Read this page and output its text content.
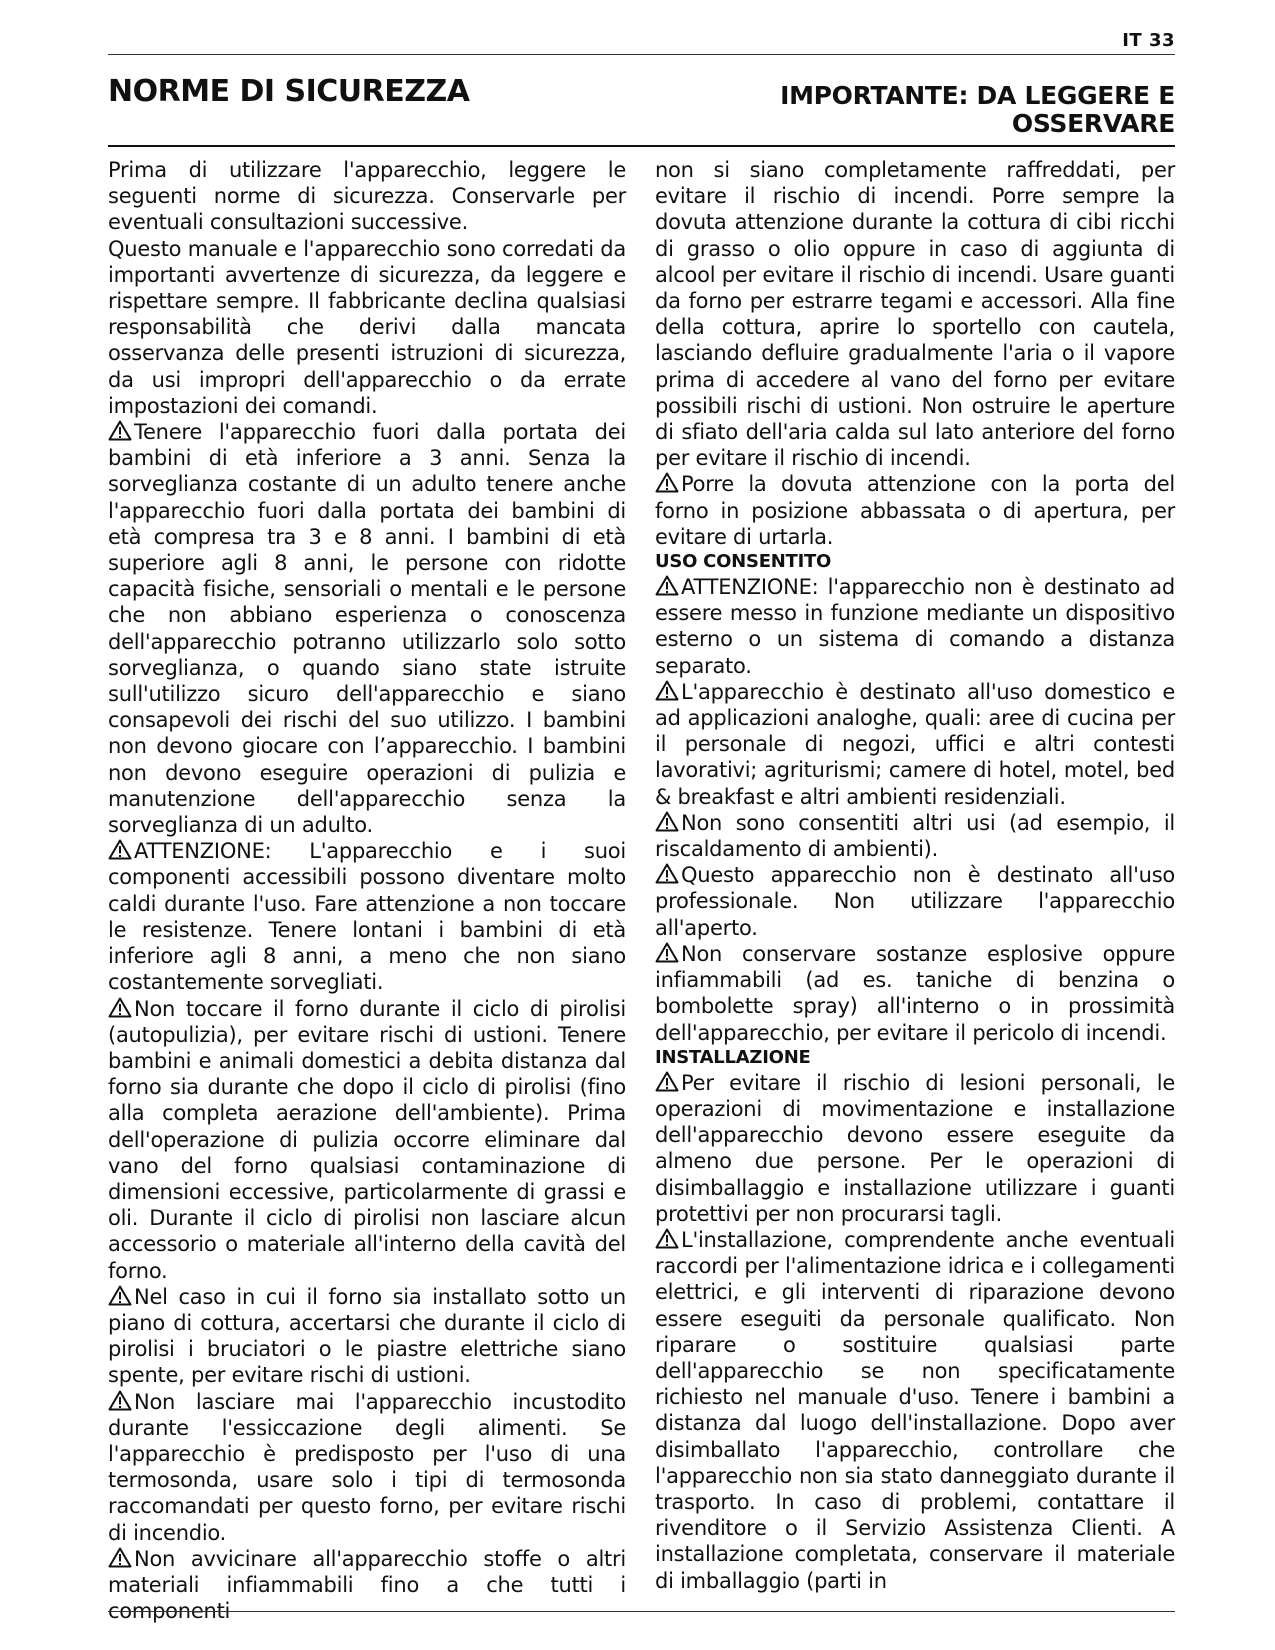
IT 33
NORME DI SICUREZZA	IMPORTANTE: DA LEGGERE E OSSERVARE

Prima di utilizzare l'apparecchio, leggere le seguenti norme di sicurezza. Conservarle per eventuali consultazioni successive.

Questo manuale e l'apparecchio sono corredati da importanti avvertenze di sicurezza, da leggere e rispettare sempre. Il fabbricante declina qualsiasi responsabilità che derivi dalla mancata osservanza delle presenti istruzioni di sicurezza, da usi impropri dell'apparecchio o da errate impostazioni dei comandi.

Tenere l'apparecchio fuori dalla portata dei bambini di età inferiore a 3 anni. Senza la sorveglianza costante di un adulto tenere anche l'apparecchio fuori dalla portata dei bambini di età compresa tra 3 e 8 anni. I bambini di età superiore agli 8 anni, le persone con ridotte capacità fisiche, sensoriali o mentali e le persone che non abbiano esperienza o conoscenza dell'apparecchio potranno utilizzarlo solo sotto sorveglianza, o quando siano state istruite sull'utilizzo sicuro dell'apparecchio e siano consapevoli dei rischi del suo utilizzo. I bambini non devono giocare con l’apparecchio. I bambini non devono eseguire operazioni di pulizia e manutenzione dell'apparecchio senza la sorveglianza di un adulto.

ATTENZIONE: L'apparecchio e i suoi componenti accessibili possono diventare molto caldi durante l'uso. Fare attenzione a non toccare le resistenze. Tenere lontani i bambini di età inferiore agli 8 anni, a meno che non siano costantemente sorvegliati.

Non toccare il forno durante il ciclo di pirolisi (autopulizia), per evitare rischi di ustioni. Tenere bambini e animali domestici a debita distanza dal forno sia durante che dopo il ciclo di pirolisi (fino alla completa aerazione dell'ambiente). Prima dell'operazione di pulizia occorre eliminare dal vano del forno qualsiasi contaminazione di dimensioni eccessive, particolarmente di grassi e oli. Durante il ciclo di pirolisi non lasciare alcun accessorio o materiale all'interno della cavità del forno.

Nel caso in cui il forno sia installato sotto un piano di cottura, accertarsi che durante il ciclo di pirolisi i bruciatori o le piastre elettriche siano spente, per evitare rischi di ustioni.

Non lasciare mai l'apparecchio incustodito durante l'essiccazione degli alimenti. Se l'apparecchio è predisposto per l'uso di una termosonda, usare solo i tipi di termosonda raccomandati per questo forno, per evitare rischi di incendio.

Non avvicinare all'apparecchio stoffe o altri materiali infiammabili fino a che tutti i componenti

non si siano completamente raffreddati, per evitare il rischio di incendi. Porre sempre la dovuta attenzione durante la cottura di cibi ricchi di grasso o olio oppure in caso di aggiunta di alcool per evitare il rischio di incendi. Usare guanti da forno per estrarre tegami e accessori. Alla fine della cottura, aprire lo sportello con cautela, lasciando defluire gradualmente l'aria o il vapore prima di accedere al vano del forno per evitare possibili rischi di ustioni. Non ostruire le aperture di sfiato dell'aria calda sul lato anteriore del forno per evitare il rischio di incendi.

Porre la dovuta attenzione con la porta del forno in posizione abbassata o di apertura, per evitare di urtarla.

USO CONSENTITO

ATTENZIONE: l'apparecchio non è destinato ad essere messo in funzione mediante un dispositivo esterno o un sistema di comando a distanza separato.

L'apparecchio è destinato all'uso domestico e ad applicazioni analoghe, quali: aree di cucina per il personale di negozi, uffici e altri contesti lavorativi; agriturismi; camere di hotel, motel, bed & breakfast e altri ambienti residenziali.

Non sono consentiti altri usi (ad esempio, il riscaldamento di ambienti).

Questo apparecchio non è destinato all'uso professionale. Non utilizzare l'apparecchio all'aperto.

Non conservare sostanze esplosive oppure infiammabili (ad es. taniche di benzina o bombolette spray) all'interno o in prossimità dell'apparecchio, per evitare il pericolo di incendi.

INSTALLAZIONE

Per evitare il rischio di lesioni personali, le operazioni di movimentazione e installazione dell'apparecchio devono essere eseguite da almeno due persone. Per le operazioni di disimballaggio e installazione utilizzare i guanti protettivi per non procurarsi tagli.

L'installazione, comprendente anche eventuali raccordi per l'alimentazione idrica e i collegamenti elettrici, e gli interventi di riparazione devono essere eseguiti da personale qualificato. Non riparare o sostituire qualsiasi parte dell'apparecchio se non specificatamente richiesto nel manuale d'uso. Tenere i bambini a distanza dal luogo dell'installazione. Dopo aver disimballato l'apparecchio, controllare che l'apparecchio non sia stato danneggiato durante il trasporto. In caso di problemi, contattare il rivenditore o il Servizio Assistenza Clienti. A installazione completata, conservare il materiale di imballaggio (parti in
